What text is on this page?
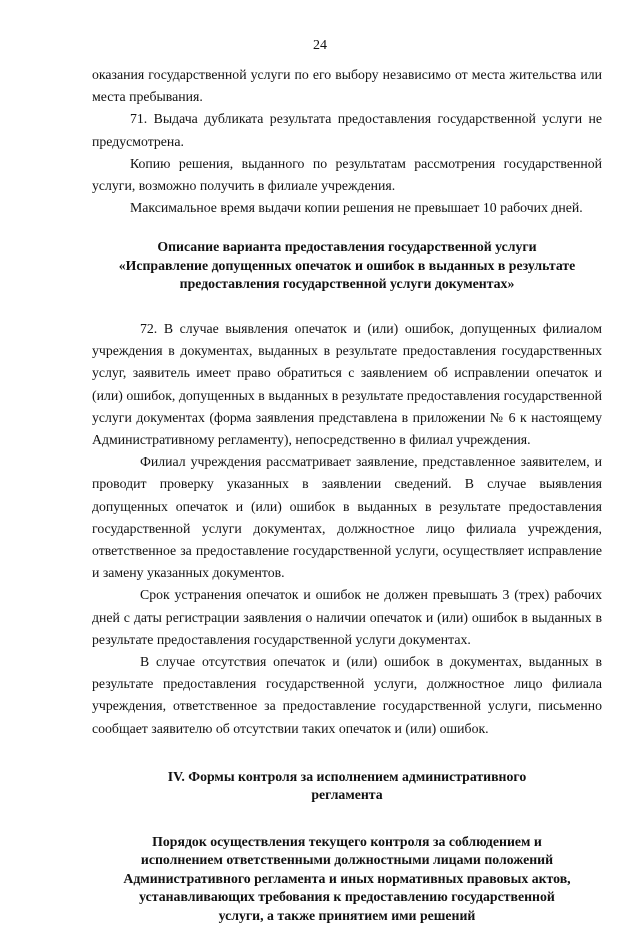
24

оказания государственной услуги по его выбору независимо от места жительства или места пребывания.

71. Выдача дубликата результата предоставления государственной услуги не предусмотрена.

Копию решения, выданного по результатам рассмотрения государственной услуги, возможно получить в филиале учреждения.

Максимальное время выдачи копии решения не превышает 10 рабочих дней.

Описание варианта предоставления государственной услуги
«Исправление допущенных опечаток и ошибок в выданных в результате
предоставления государственной услуги документах»

72. В случае выявления опечаток и (или) ошибок, допущенных филиалом учреждения в документах, выданных в результате предоставления государственных услуг, заявитель имеет право обратиться с заявлением об исправлении опечаток и (или) ошибок, допущенных в выданных в результате предоставления государственной услуги документах (форма заявления представлена в приложении № 6 к настоящему Административному регламенту), непосредственно в филиал учреждения.

Филиал учреждения рассматривает заявление, представленное заявителем, и проводит проверку указанных в заявлении сведений. В случае выявления допущенных опечаток и (или) ошибок в выданных в результате предоставления государственной услуги документах, должностное лицо филиала учреждения, ответственное за предоставление государственной услуги, осуществляет исправление и замену указанных документов.

Срок устранения опечаток и ошибок не должен превышать 3 (трех) рабочих дней с даты регистрации заявления о наличии опечаток и (или) ошибок в выданных в результате предоставления государственной услуги документах.

В случае отсутствия опечаток и (или) ошибок в документах, выданных в результате предоставления государственной услуги, должностное лицо филиала учреждения, ответственное за предоставление государственной услуги, письменно сообщает заявителю об отсутствии таких опечаток и (или) ошибок.

IV. Формы контроля за исполнением административного
регламента
Порядок осуществления текущего контроля за соблюдением и
исполнением ответственными должностными лицами положений
Административного регламента и иных нормативных правовых актов,
устанавливающих требования к предоставлению государственной
услуги, а также принятием ими решений
